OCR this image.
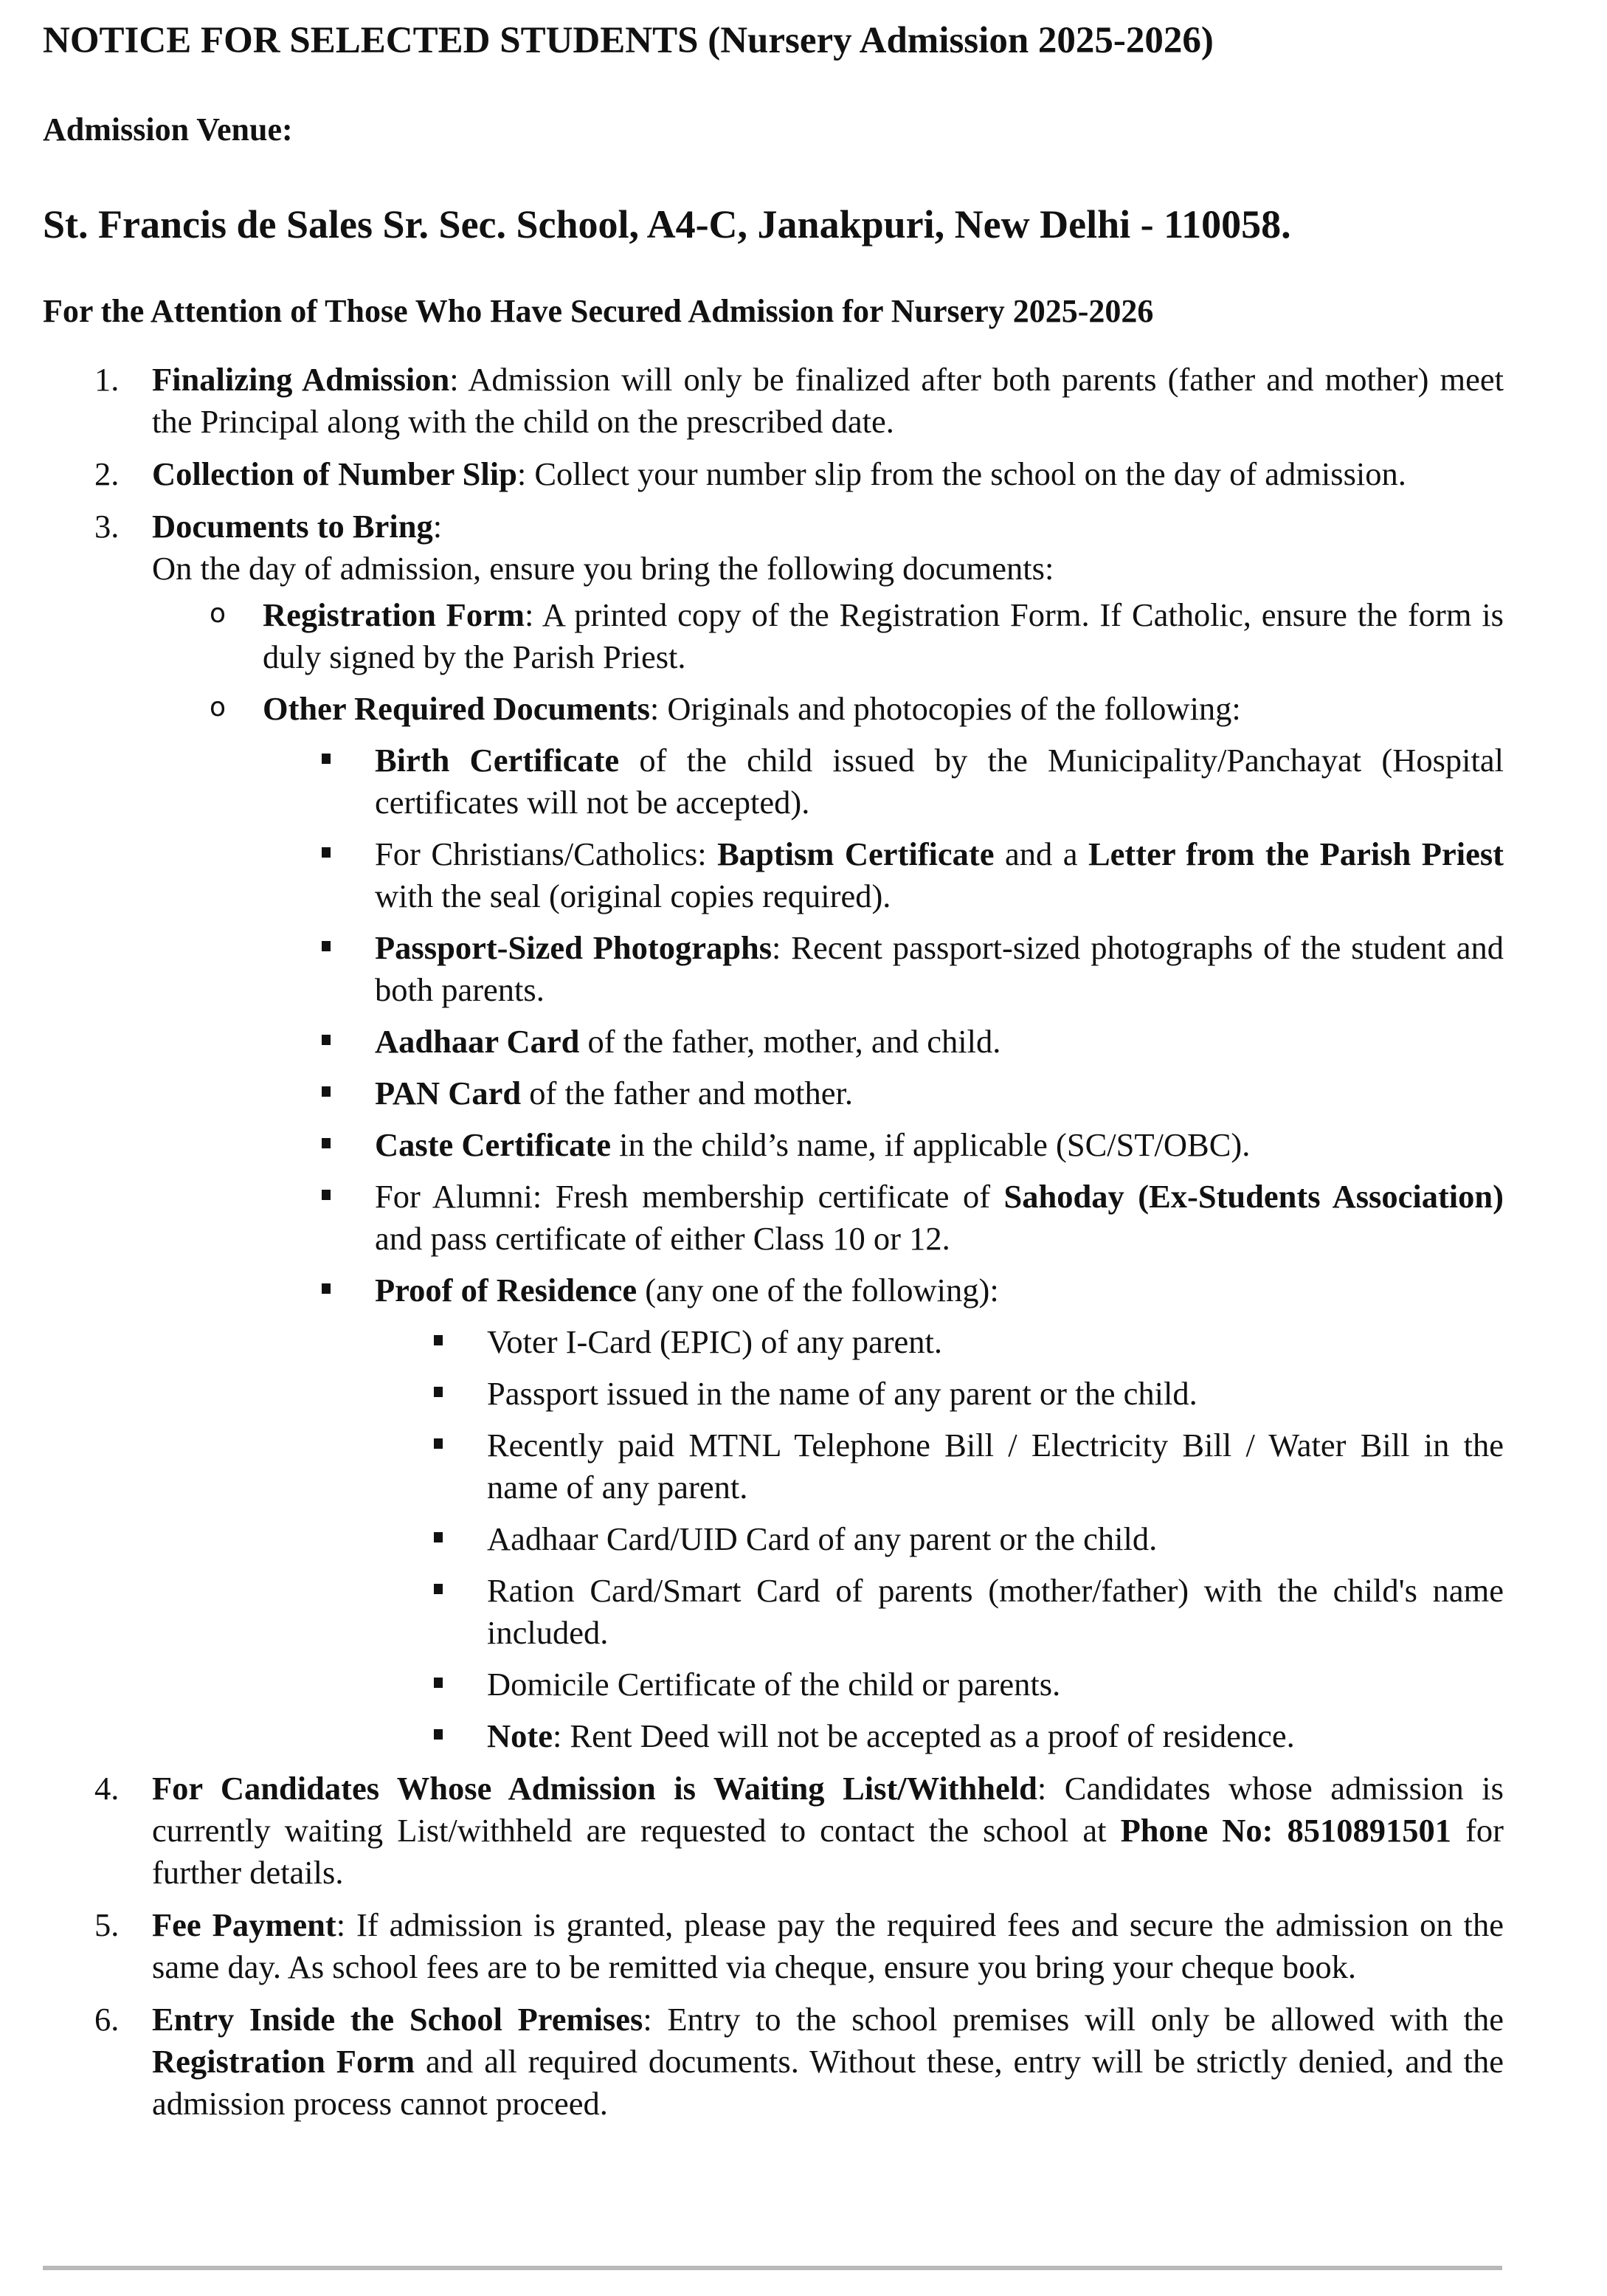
NOTICE FOR SELECTED STUDENTS (Nursery Admission 2025-2026)
Admission Venue:
St. Francis de Sales Sr. Sec. School, A4-C, Janakpuri, New Delhi - 110058.
For the Attention of Those Who Have Secured Admission for Nursery 2025-2026
1. Finalizing Admission: Admission will only be finalized after both parents (father and mother) meet the Principal along with the child on the prescribed date.
2. Collection of Number Slip: Collect your number slip from the school on the day of admission.
3. Documents to Bring:
On the day of admission, ensure you bring the following documents:
o Registration Form: A printed copy of the Registration Form. If Catholic, ensure the form is duly signed by the Parish Priest.
o Other Required Documents: Originals and photocopies of the following:
Birth Certificate of the child issued by the Municipality/Panchayat (Hospital certificates will not be accepted).
For Christians/Catholics: Baptism Certificate and a Letter from the Parish Priest with the seal (original copies required).
Passport-Sized Photographs: Recent passport-sized photographs of the student and both parents.
Aadhaar Card of the father, mother, and child.
PAN Card of the father and mother.
Caste Certificate in the child’s name, if applicable (SC/ST/OBC).
For Alumni: Fresh membership certificate of Sahoday (Ex-Students Association) and pass certificate of either Class 10 or 12.
Proof of Residence (any one of the following):
Voter I-Card (EPIC) of any parent.
Passport issued in the name of any parent or the child.
Recently paid MTNL Telephone Bill / Electricity Bill / Water Bill in the name of any parent.
Aadhaar Card/UID Card of any parent or the child.
Ration Card/Smart Card of parents (mother/father) with the child's name included.
Domicile Certificate of the child or parents.
Note: Rent Deed will not be accepted as a proof of residence.
4. For Candidates Whose Admission is Waiting List/Withheld: Candidates whose admission is currently waiting List/withheld are requested to contact the school at Phone No: 8510891501 for further details.
5. Fee Payment: If admission is granted, please pay the required fees and secure the admission on the same day. As school fees are to be remitted via cheque, ensure you bring your cheque book.
6. Entry Inside the School Premises: Entry to the school premises will only be allowed with the Registration Form and all required documents. Without these, entry will be strictly denied, and the admission process cannot proceed.
